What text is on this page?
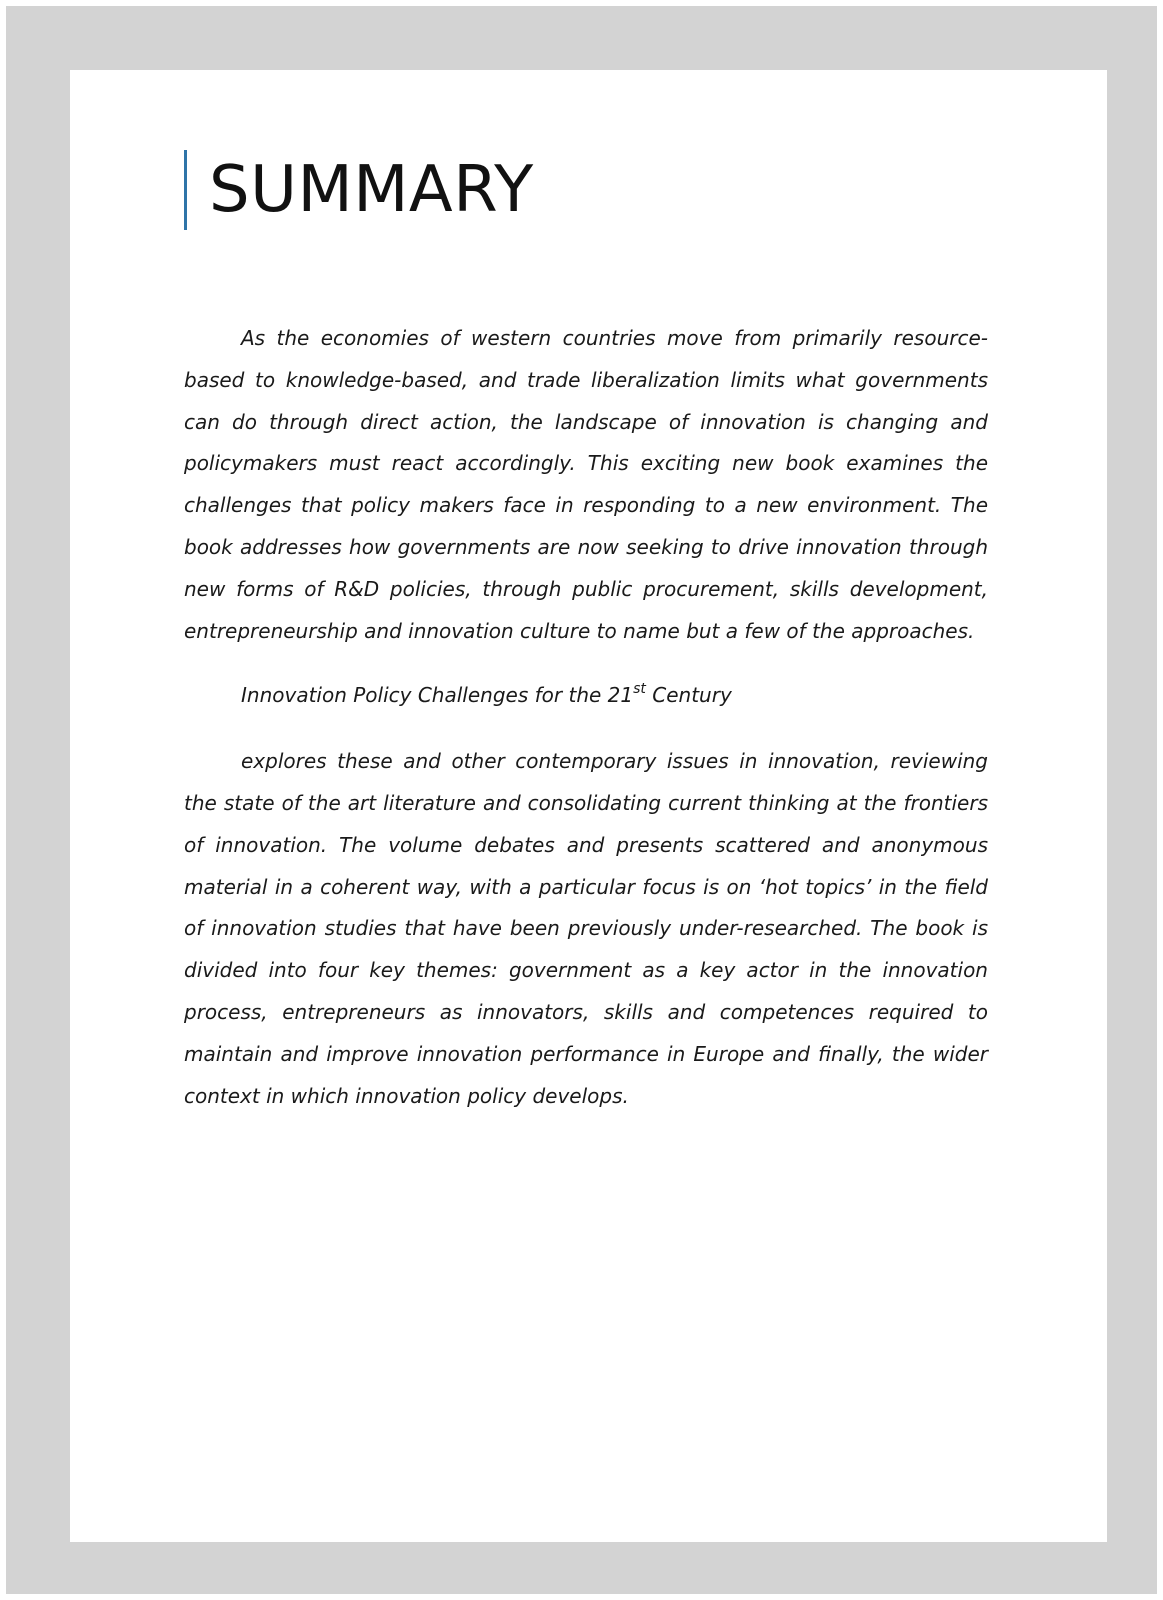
SUMMARY

As the economies of western countries move from primarily resource-based to knowledge-based, and trade liberalization limits what governments can do through direct action, the landscape of innovation is changing and policymakers must react accordingly. This exciting new book examines the challenges that policy makers face in responding to a new environment. The book addresses how governments are now seeking to drive innovation through new forms of R&D policies, through public procurement, skills development, entrepreneurship and innovation culture to name but a few of the approaches.

Innovation Policy Challenges for the 21st Century

explores these and other contemporary issues in innovation, reviewing the state of the art literature and consolidating current thinking at the frontiers of innovation. The volume debates and presents scattered and anonymous material in a coherent way, with a particular focus is on ‘hot topics’ in the field of innovation studies that have been previously under-researched. The book is divided into four key themes: government as a key actor in the innovation process, entrepreneurs as innovators, skills and competences required to maintain and improve innovation performance in Europe and finally, the wider context in which innovation policy develops.
